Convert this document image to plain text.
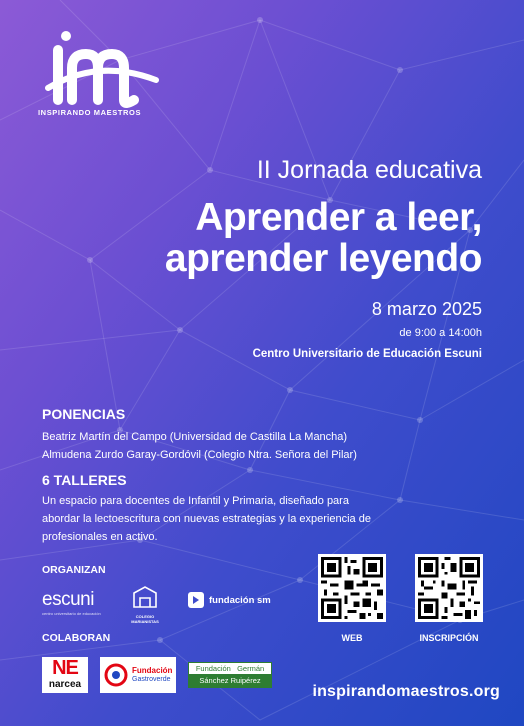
INSPIRANDO MAESTROS
II Jornada educativa
Aprender a leer,
aprender leyendo
8 marzo 2025
de 9:00 a 14:00h
Centro Universitario de Educación Escuni
PONENCIAS
Beatriz Martín del Campo (Universidad de Castilla La Mancha)
Almudena Zurdo Garay-Gordóvil (Colegio Ntra. Señora del Pilar)
6 TALLERES
Un espacio para docentes de Infantil y Primaria, diseñado para
abordar la lectoescritura con nuevas estrategias y la experiencia de
profesionales en activo.
ORGANIZAN
escuni
centro universitario de educación
COLEGIO MARIANISTAS
fundación sm
COLABORAN
NE
narcea
Fundación
Gastroverde
Fundación   Germán
Sánchez Ruipérez
WEB	INSCRIPCIÓN
inspirandomaestros.org
